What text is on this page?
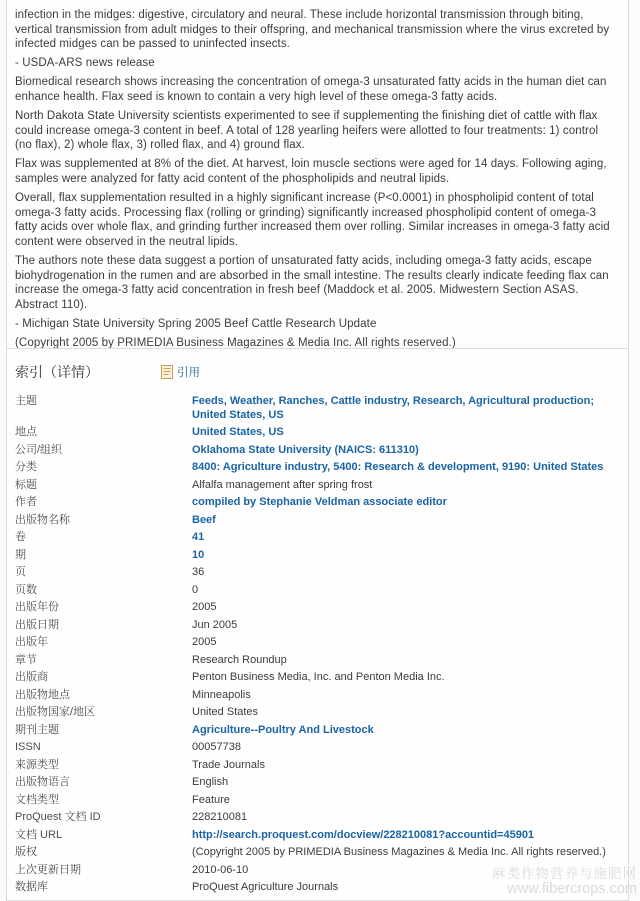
infection in the midges: digestive, circulatory and neural. These include horizontal transmission through biting, vertical transmission from adult midges to their offspring, and mechanical transmission where the virus excreted by infected midges can be passed to uninfected insects.

- USDA-ARS news release

Biomedical research shows increasing the concentration of omega-3 unsaturated fatty acids in the human diet can enhance health. Flax seed is known to contain a very high level of these omega-3 fatty acids.

North Dakota State University scientists experimented to see if supplementing the finishing diet of cattle with flax could increase omega-3 content in beef. A total of 128 yearling heifers were allotted to four treatments: 1) control (no flax), 2) whole flax, 3) rolled flax, and 4) ground flax.

Flax was supplemented at 8% of the diet. At harvest, loin muscle sections were aged for 14 days. Following aging, samples were analyzed for fatty acid content of the phospholipids and neutral lipids.

Overall, flax supplementation resulted in a highly significant increase (P<0.0001) in phospholipid content of total omega-3 fatty acids. Processing flax (rolling or grinding) significantly increased phospholipid content of omega-3 fatty acids over whole flax, and grinding further increased them over rolling. Similar increases in omega-3 fatty acid content were observed in the neutral lipids.

The authors note these data suggest a portion of unsaturated fatty acids, including omega-3 fatty acids, escape biohydrogenation in the rumen and are absorbed in the small intestine. The results clearly indicate feeding flax can increase the omega-3 fatty acid concentration in fresh beef (Maddock et al. 2005. Midwestern Section ASAS. Abstract 110).

- Michigan State University Spring 2005 Beef Cattle Research Update

(Copyright 2005 by PRIMEDIA Business Magazines & Media Inc. All rights reserved.)

索引（详情）	引用
主题	Feeds, Weather, Ranches, Cattle industry, Research, Agricultural production; United States, US
地点	United States, US
公司/组织	Oklahoma State University (NAICS: 611310)
分类	8400: Agriculture industry, 5400: Research & development, 9190: United States
标题	Alfalfa management after spring frost
作者	compiled by Stephanie Veldman associate editor
出版物名称	Beef
卷	41
期	10
页	36
页数	0
出版年份	2005
出版日期	Jun 2005
出版年	2005
章节	Research Roundup
出版商	Penton Business Media, Inc. and Penton Media Inc.
出版物地点	Minneapolis
出版物国家/地区	United States
期刊主题	Agriculture--Poultry And Livestock
ISSN	00057738
来源类型	Trade Journals
出版物语言	English
文档类型	Feature
ProQuest 文档 ID	228210081
文档 URL	http://search.proquest.com/docview/228210081?accountid=45901
版权	(Copyright 2005 by PRIMEDIA Business Magazines & Media Inc. All rights reserved.)
上次更新日期	2010-06-10
数据库	ProQuest Agriculture Journals
麻类作物营养与施肥网
www.fibercrops.com
